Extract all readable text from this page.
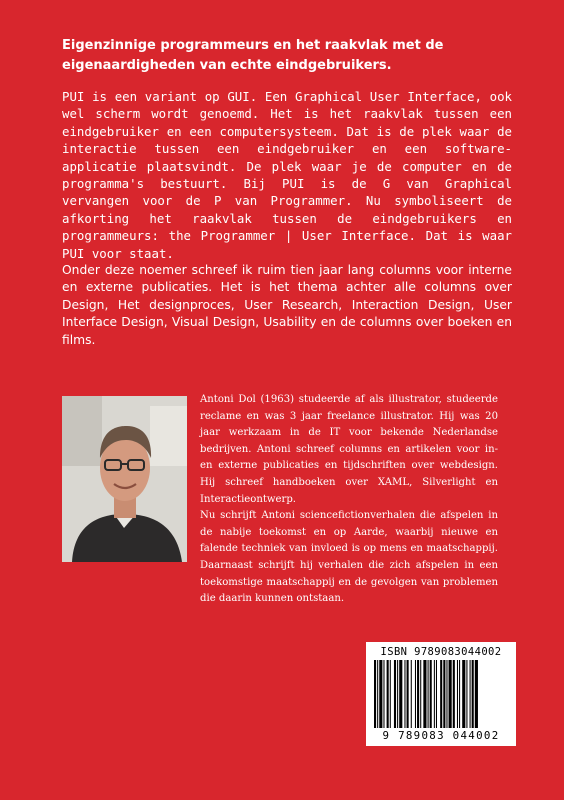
Eigenzinnige programmeurs en het raakvlak met de eigenaardigheden van echte eindgebruikers.

PUI is een variant op GUI. Een Graphical User Interface, ook wel scherm wordt genoemd. Het is het raakvlak tussen een eindgebruiker en een computersysteem. Dat is de plek waar de interactie tussen een eindgebruiker en een software-applicatie plaatsvindt. De plek waar je de computer en de programma's bestuurt. Bij PUI is de G van Graphical vervangen voor de P van Programmer. Nu symboliseert de afkorting het raakvlak tussen de eindgebruikers en programmeurs: the Programmer | User Interface. Dat is waar PUI voor staat.

Onder deze noemer schreef ik ruim tien jaar lang columns voor interne en externe publicaties. Het is het thema achter alle columns over Design, Het designproces, User Research, Interaction Design, User Interface Design, Visual Design, Usability en de columns over boeken en films.

Antoni Dol (1963) studeerde af als illustrator, studeerde reclame en was 3 jaar freelance illustrator. Hij was 20 jaar werkzaam in de IT voor bekende Nederlandse bedrijven. Antoni schreef columns en artikelen voor in- en externe publicaties en tijdschriften over webdesign. Hij schreef handboeken over XAML, Silverlight en Interactieontwerp.

Nu schrijft Antoni sciencefictionverhalen die afspelen in de nabije toekomst en op Aarde, waarbij nieuwe en falende techniek van invloed is op mens en maatschappij. Daarnaast schrijft hij verhalen die zich afspelen in een toekomstige maatschappij en de gevolgen van problemen die daarin kunnen ontstaan.

ISBN 9789083044002
9 789083 044002
